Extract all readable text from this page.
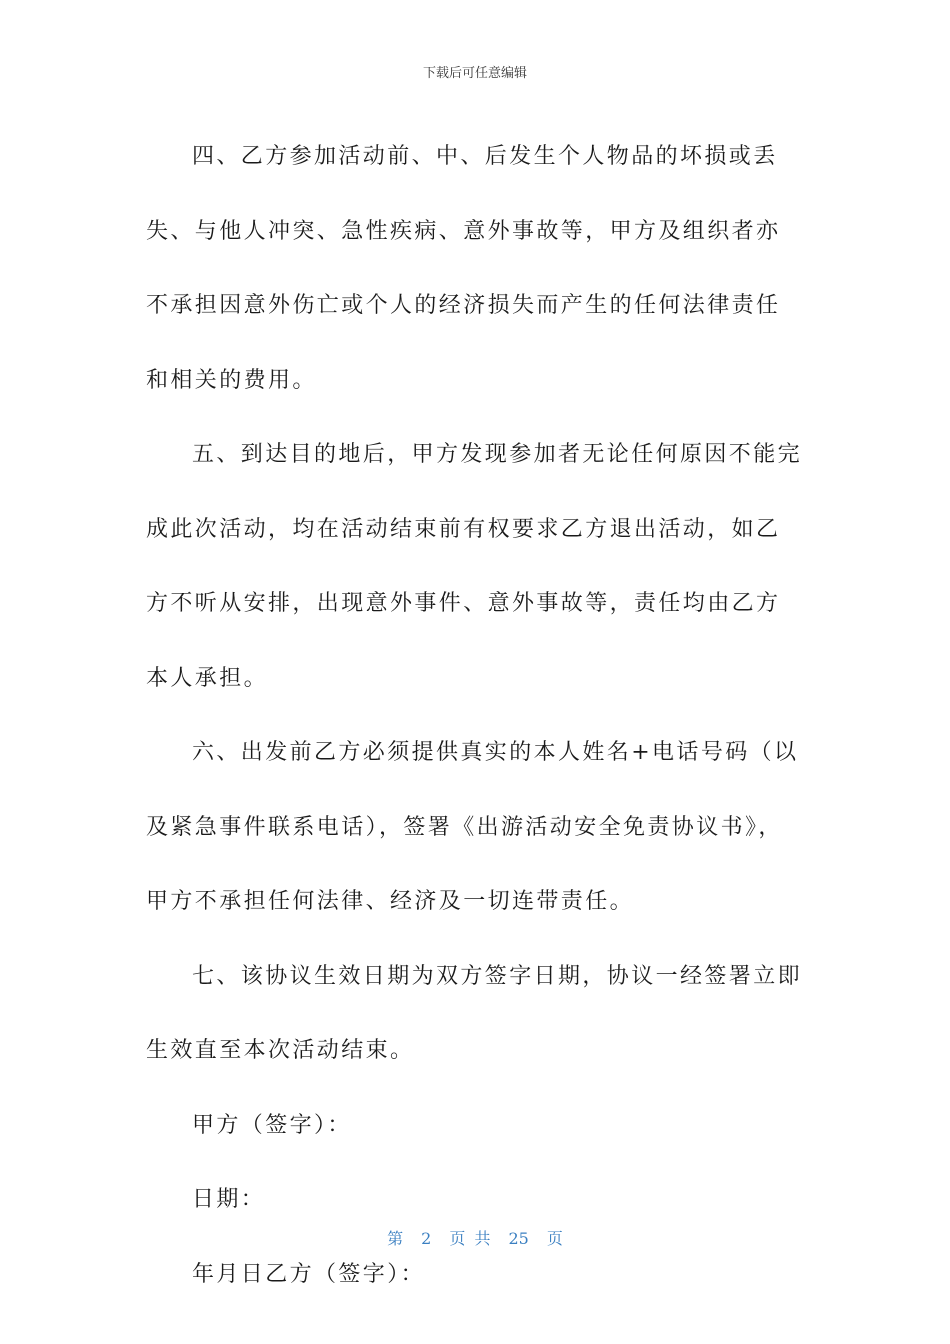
下载后可任意编辑

四、乙方参加活动前、中、后发生个人物品的坏损或丢失、与他人冲突、急性疾病、意外事故等，甲方及组织者亦不承担因意外伤亡或个人的经济损失而产生的任何法律责任和相关的费用。

五、到达目的地后，甲方发现参加者无论任何原因不能完成此次活动，均在活动结束前有权要求乙方退出活动，如乙方不听从安排，出现意外事件、意外事故等，责任均由乙方本人承担。

六、出发前乙方必须提供真实的本人姓名+电话号码（以及紧急事件联系电话），签署《出游活动安全免责协议书》，甲方不承担任何法律、经济及一切连带责任。

七、该协议生效日期为双方签字日期，协议一经签署立即生效直至本次活动结束。

甲方（签字）：

日期：

年月日乙方（签字）：

第 2 页 共 25 页
